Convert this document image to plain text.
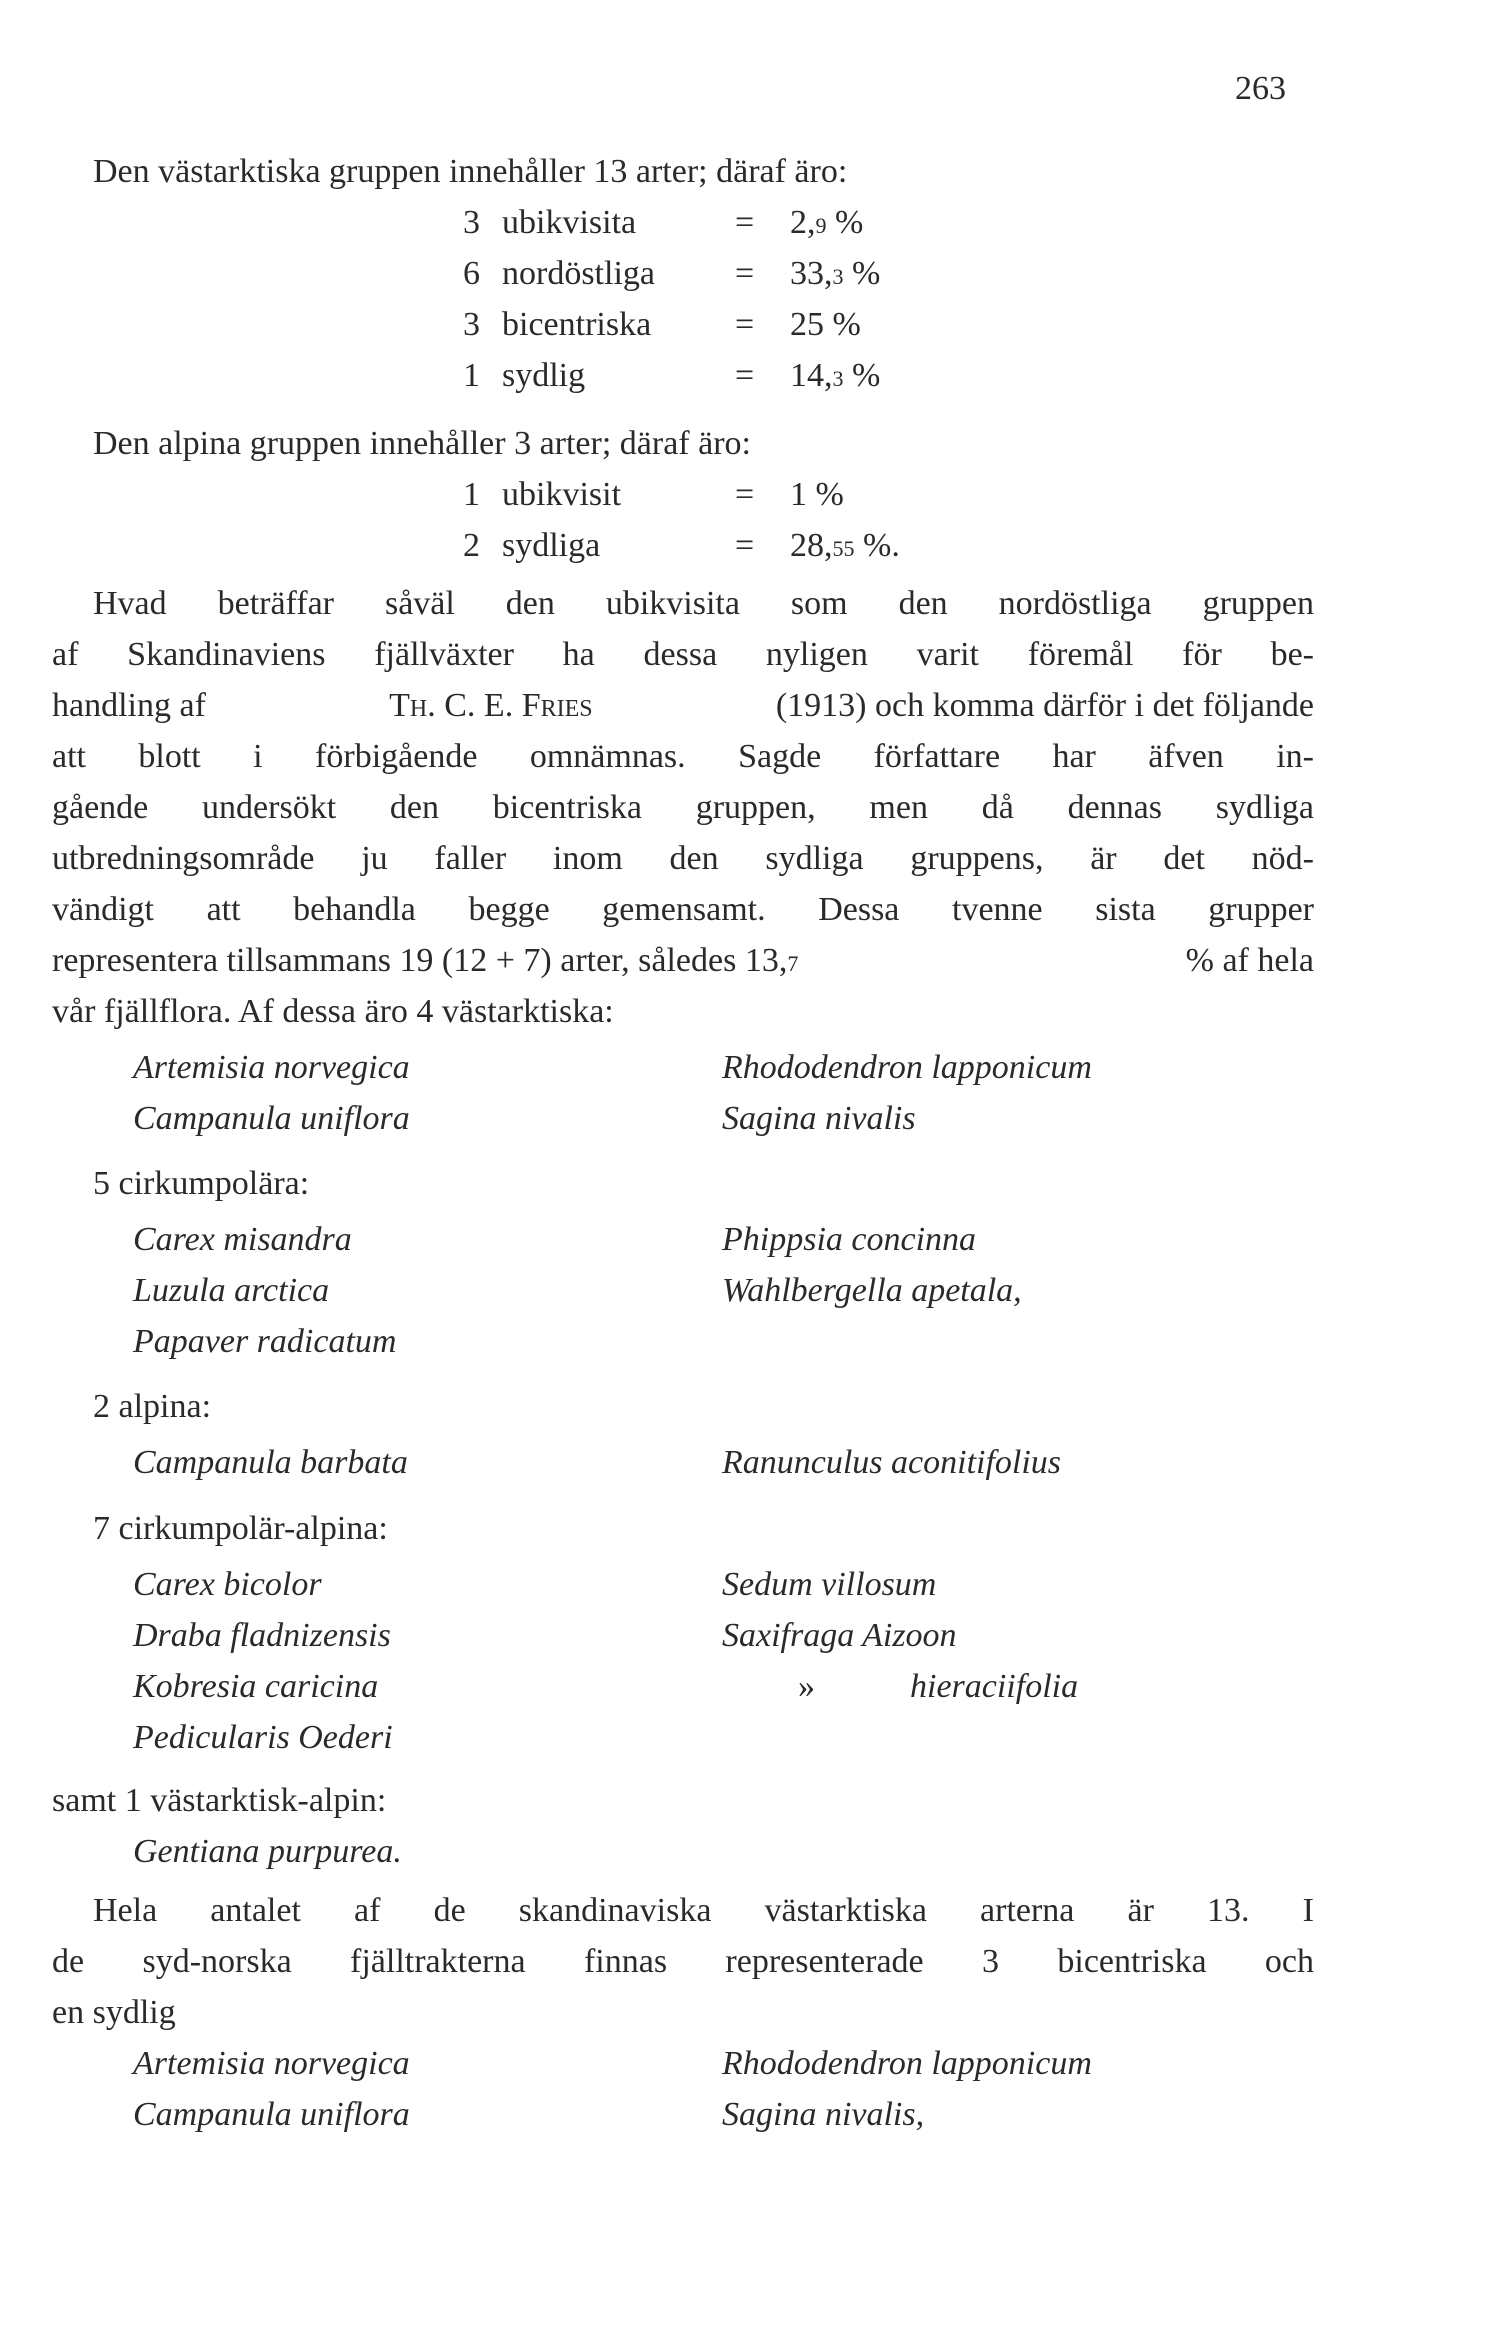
263
Den västarktiska gruppen innehåller 13 arter; däraf äro:
3 ubikvisita	= 2,9 %
6 nordöstliga = 33,3 %
3 bicentriska = 25 %
1 sydlig	= 14,3 %
Den alpina gruppen innehåller 3 arter; däraf äro:
1 ubikvisit	= 1 %
2 sydliga	= 28,55 %.
Hvad beträffar såväl den ubikvisita som den nordöstliga gruppen
af Skandinaviens fjällväxter ha dessa nyligen varit föremål för be-
handling af	Th. C. E. Fries	(1913) och komma därför i det följande
att blott i förbigående omnämnas. Sagde författare har äfven in-
gående undersökt den bicentriska gruppen, men då dennas sydliga
utbredningsområde ju faller inom den sydliga gruppens, är det nöd-
vändigt att behandla begge gemensamt. Dessa tvenne sista grupper
representera tillsammans 19 (12 + 7) arter, således 13,7	% af hela
vår fjällflora. Af dessa äro 4 västarktiska:
Artemisia norvegica	Rhododendron lapponicum
Campanula uniflora	Sagina nivalis
5 cirkumpolära:
Carex misandra	Phippsia concinna
Luzula arctica	Wahlbergella apetala,
Papaver radicatum
2 alpina:
Campanula barbata	Ranunculus aconitifolius
7 cirkumpolär-alpina:
Carex bicolor	Sedum villosum
Draba fladnizensis	Saxifraga Aizoon
Kobresia caricina	»	hieraciifolia
Pedicularis Oederi
samt 1 västarktisk-alpin:
Gentiana purpurea.
Artemisia norvegica	Rhododendron lapponicum
Campanula uniflora	Sagina nivalis,
Hela antalet af de skandinaviska västarktiska arterna är 13. I
de syd-norska fjälltrakterna finnas representerade 3 bicentriska och
en sydlig
